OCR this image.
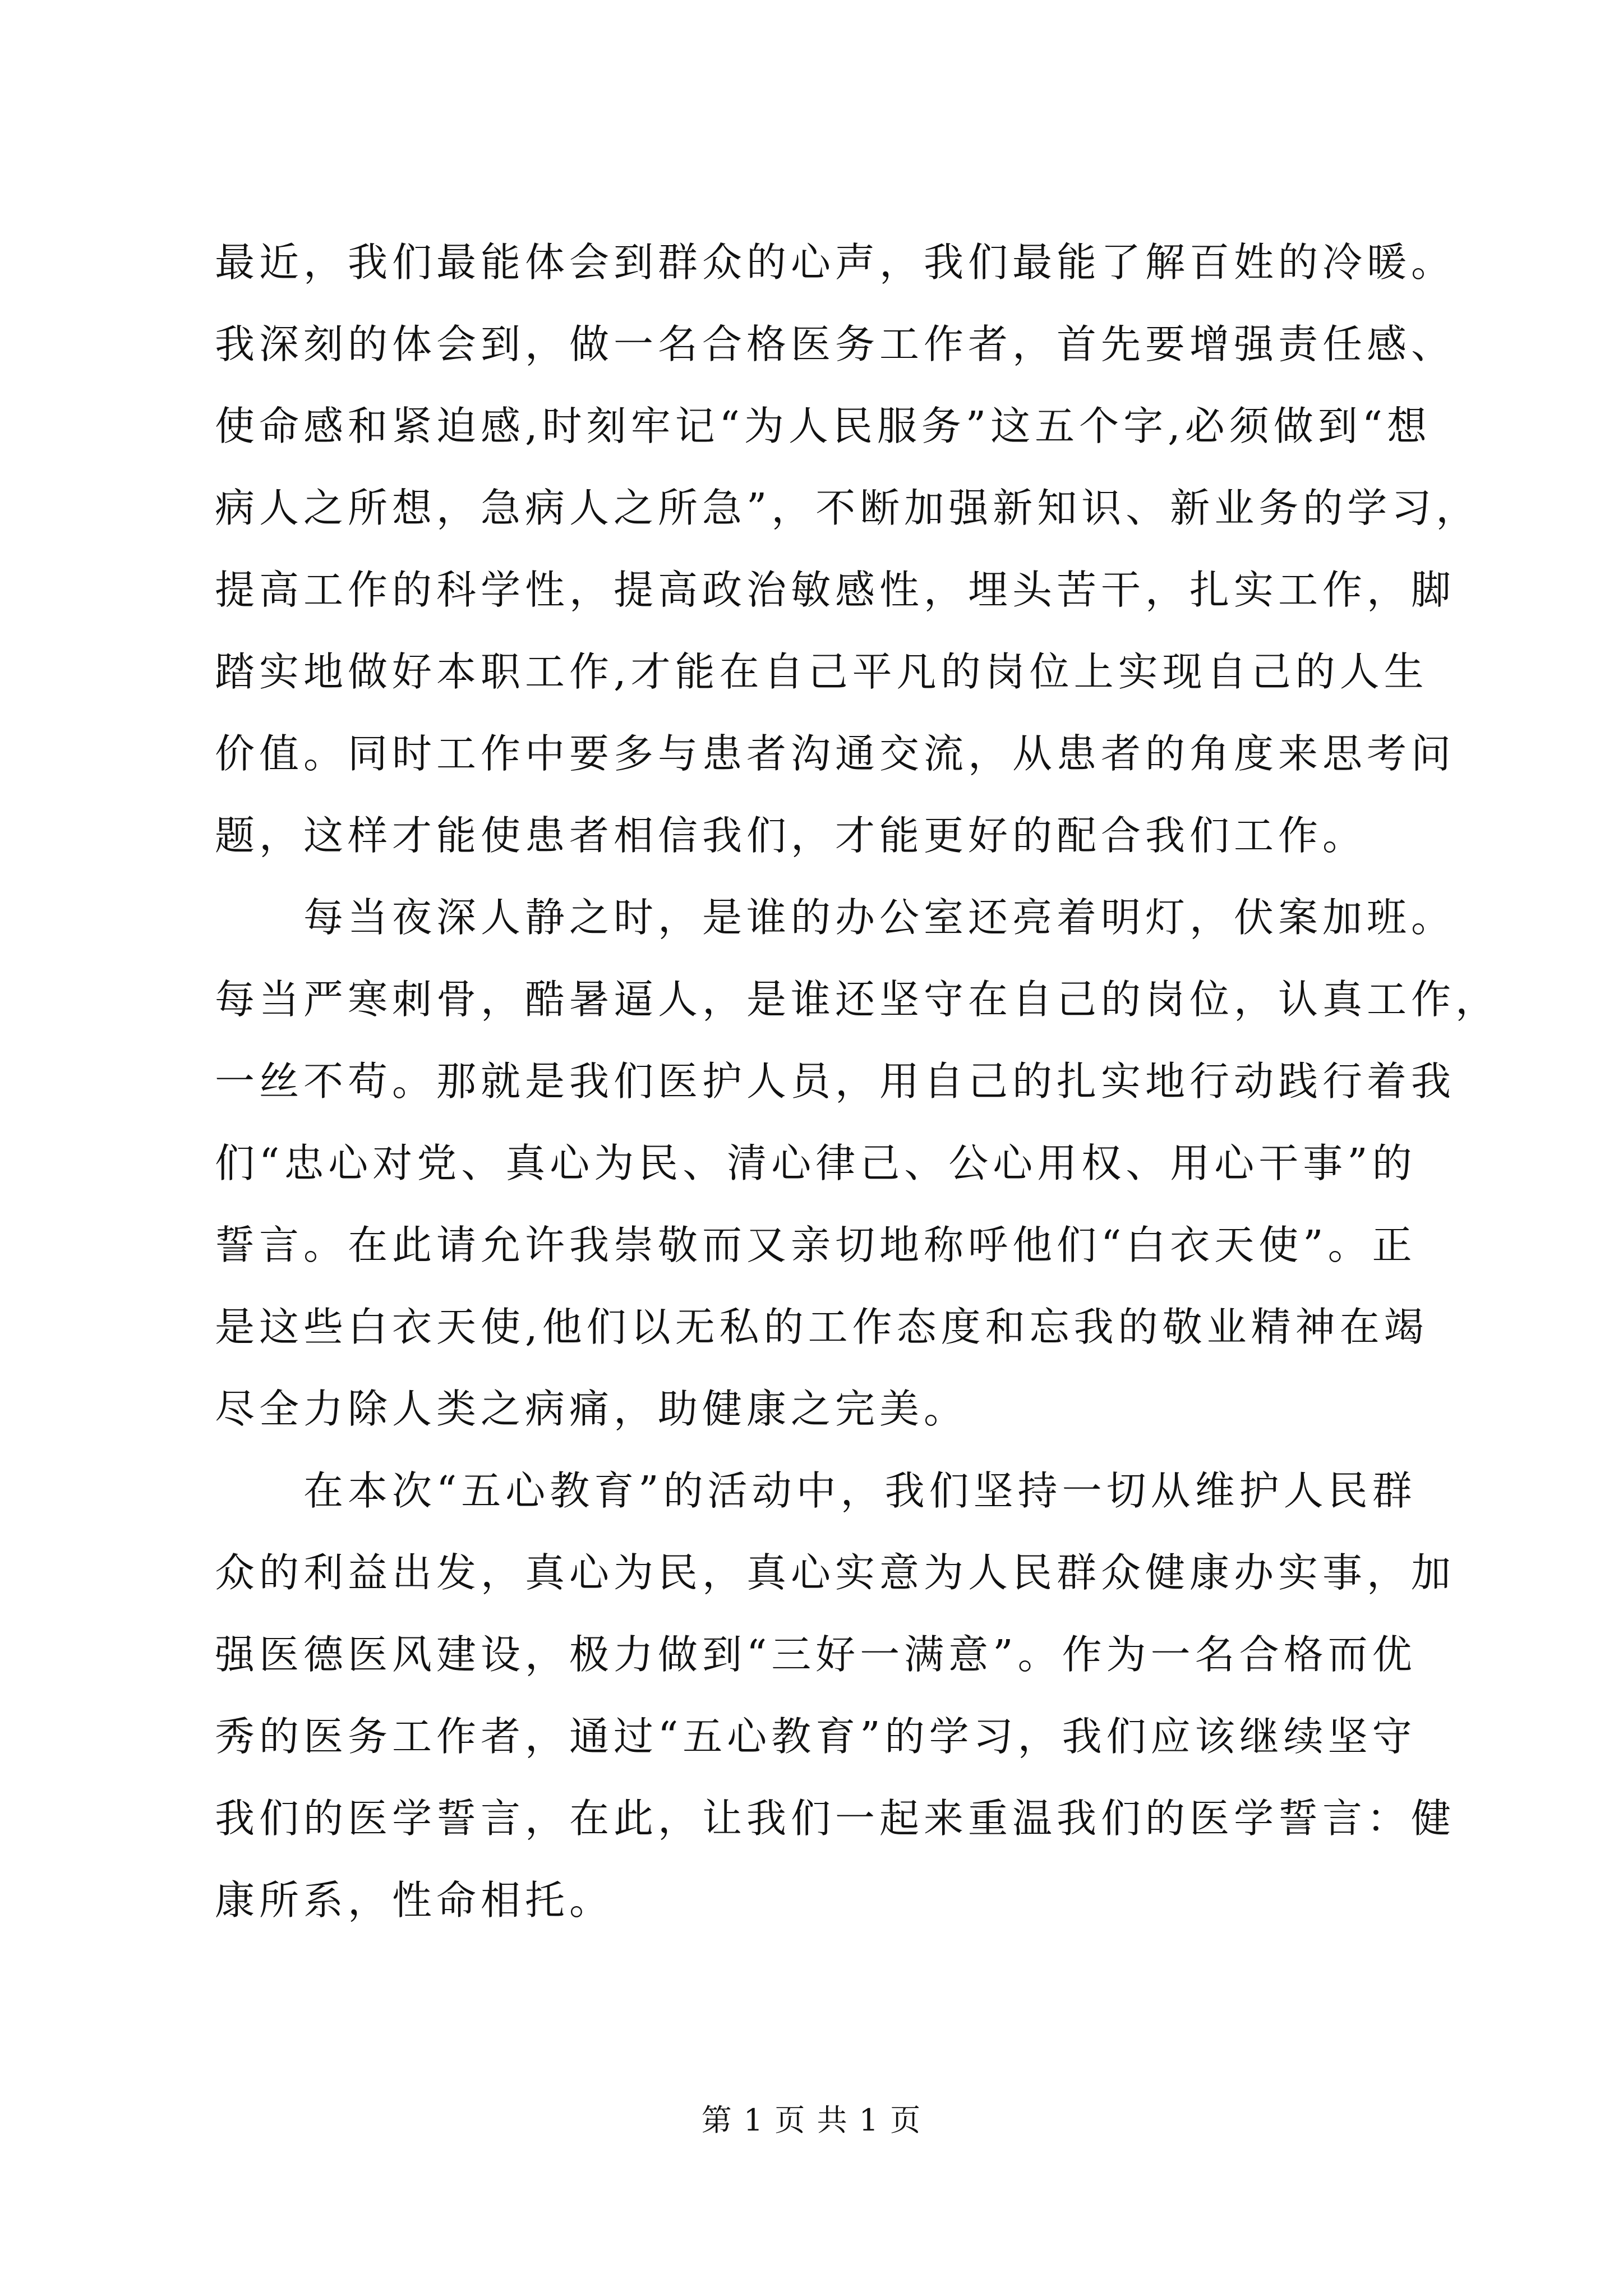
最近，我们最能体会到群众的心声，我们最能了解百姓的冷暖。
我深刻的体会到，做一名合格医务工作者，首先要增强责任感、
使命感和紧迫感,时刻牢记“为人民服务”这五个字,必须做到“想
病人之所想，急病人之所急”，不断加强新知识、新业务的学习，
提高工作的科学性，提高政治敏感性，埋头苦干，扎实工作，脚
踏实地做好本职工作,才能在自己平凡的岗位上实现自己的人生
价值。同时工作中要多与患者沟通交流，从患者的角度来思考问
题，这样才能使患者相信我们，才能更好的配合我们工作。

每当夜深人静之时，是谁的办公室还亮着明灯，伏案加班。
每当严寒刺骨，酷暑逼人，是谁还坚守在自己的岗位，认真工作，
一丝不苟。那就是我们医护人员，用自己的扎实地行动践行着我
们“忠心对党、真心为民、清心律己、公心用权、用心干事”的
誓言。在此请允许我崇敬而又亲切地称呼他们“白衣天使”。正
是这些白衣天使,他们以无私的工作态度和忘我的敬业精神在竭
尽全力除人类之病痛，助健康之完美。

在本次“五心教育”的活动中，我们坚持一切从维护人民群
众的利益出发，真心为民，真心实意为人民群众健康办实事，加
强医德医风建设，极力做到“三好一满意”。作为一名合格而优
秀的医务工作者，通过“五心教育”的学习，我们应该继续坚守
我们的医学誓言，在此，让我们一起来重温我们的医学誓言：健
康所系，性命相托。

第 1 页 共 1 页
